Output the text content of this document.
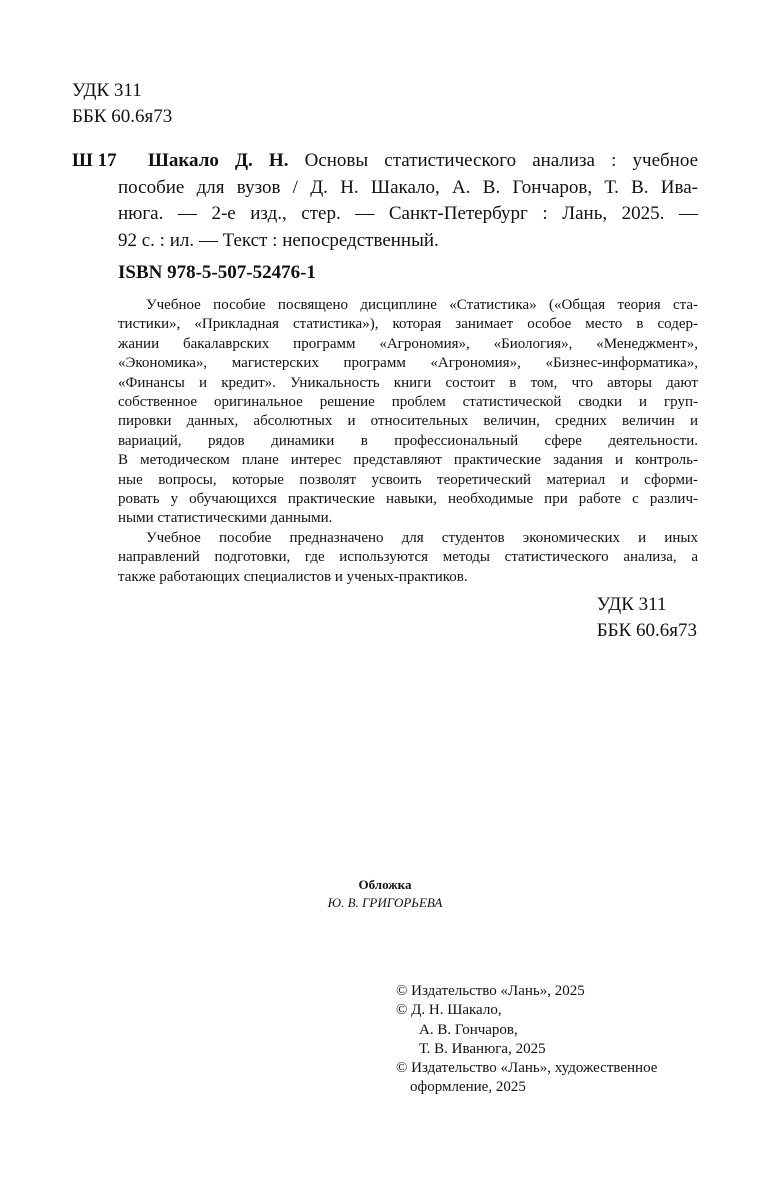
УДК 311
ББК 60.6я73
Ш 17	Шакало Д. Н. Основы статистического анализа : учебное
пособие для вузов / Д. Н. Шакало, А. В. Гончаров, Т. В. Ива-
нюга. — 2-е изд., стер. — Санкт-Петербург : Лань, 2025. —
92 с. : ил. — Текст : непосредственный.
ISBN 978-5-507-52476-1
Учебное пособие посвящено дисциплине «Статистика» («Общая теория ста-
тистики», «Прикладная статистика»), которая занимает особое место в содер-
жании бакалаврских программ «Агрономия», «Биология», «Менеджмент»,
«Экономика», магистерских программ «Агрономия», «Бизнес-информатика»,
«Финансы и кредит». Уникальность книги состоит в том, что авторы дают
собственное оригинальное решение проблем статистической сводки и груп-
пировки данных, абсолютных и относительных величин, средних величин и
вариаций, рядов динамики в профессиональный сфере деятельности.
В методическом плане интерес представляют практические задания и контроль-
ные вопросы, которые позволят усвоить теоретический материал и сформи-
ровать у обучающихся практические навыки, необходимые при работе с различ-
ными статистическими данными.
Учебное пособие предназначено для студентов экономических и иных
направлений подготовки, где используются методы статистического анализа, а
также работающих специалистов и ученых-практиков.
УДК 311
ББК 60.6я73
Обложка
Ю. В. ГРИГОРЬЕВА
© Издательство «Лань», 2025
© Д. Н. Шакало,
А. В. Гончаров,
Т. В. Иванюга, 2025
© Издательство «Лань», художественное
оформление, 2025
